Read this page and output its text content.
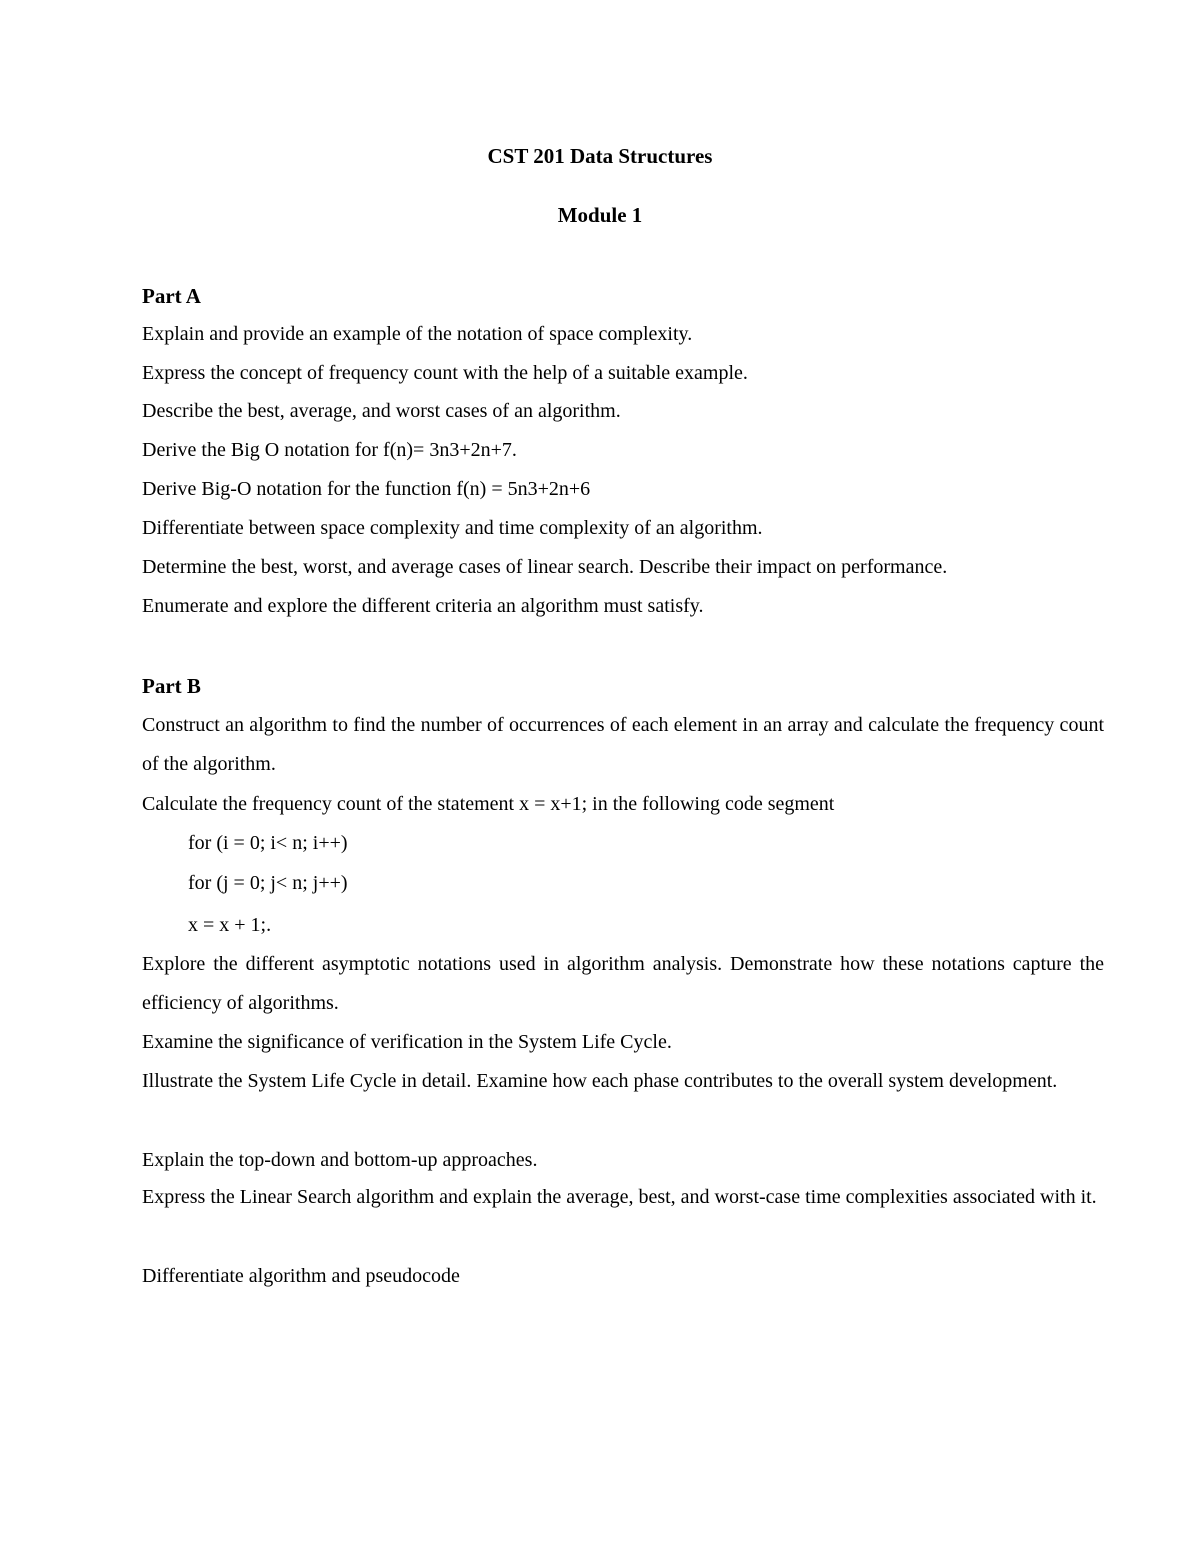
CST 201 Data Structures
Module 1
Part A
Explain and provide an example of the notation of space complexity.
Express the concept of frequency count with the help of a suitable example.
Describe the best, average, and worst cases of an algorithm.
Derive the Big O notation for f(n)= 3n3+2n+7.
Derive Big-O notation for the function f(n) = 5n3+2n+6
Differentiate between space complexity and time complexity of an algorithm.
Determine the best, worst, and average cases of linear search. Describe their impact on performance.
Enumerate and explore the different criteria an algorithm must satisfy.
Part B
Construct an algorithm to find the number of occurrences of each element in an array and calculate the frequency count of the algorithm.
Calculate the frequency count of the statement x = x+1; in the following code segment
for (i = 0; i< n; i++)
for (j = 0; j< n; j++)
x = x + 1;.
Explore the different asymptotic notations used in algorithm analysis. Demonstrate how these notations capture the efficiency of algorithms.
Examine the significance of verification in the System Life Cycle.
Illustrate the System Life Cycle in detail. Examine how each phase contributes to the overall system development.
Explain the top-down and bottom-up approaches.
Express the Linear Search algorithm and explain the average, best, and worst-case time complexities associated with it.
Differentiate algorithm and pseudocode
